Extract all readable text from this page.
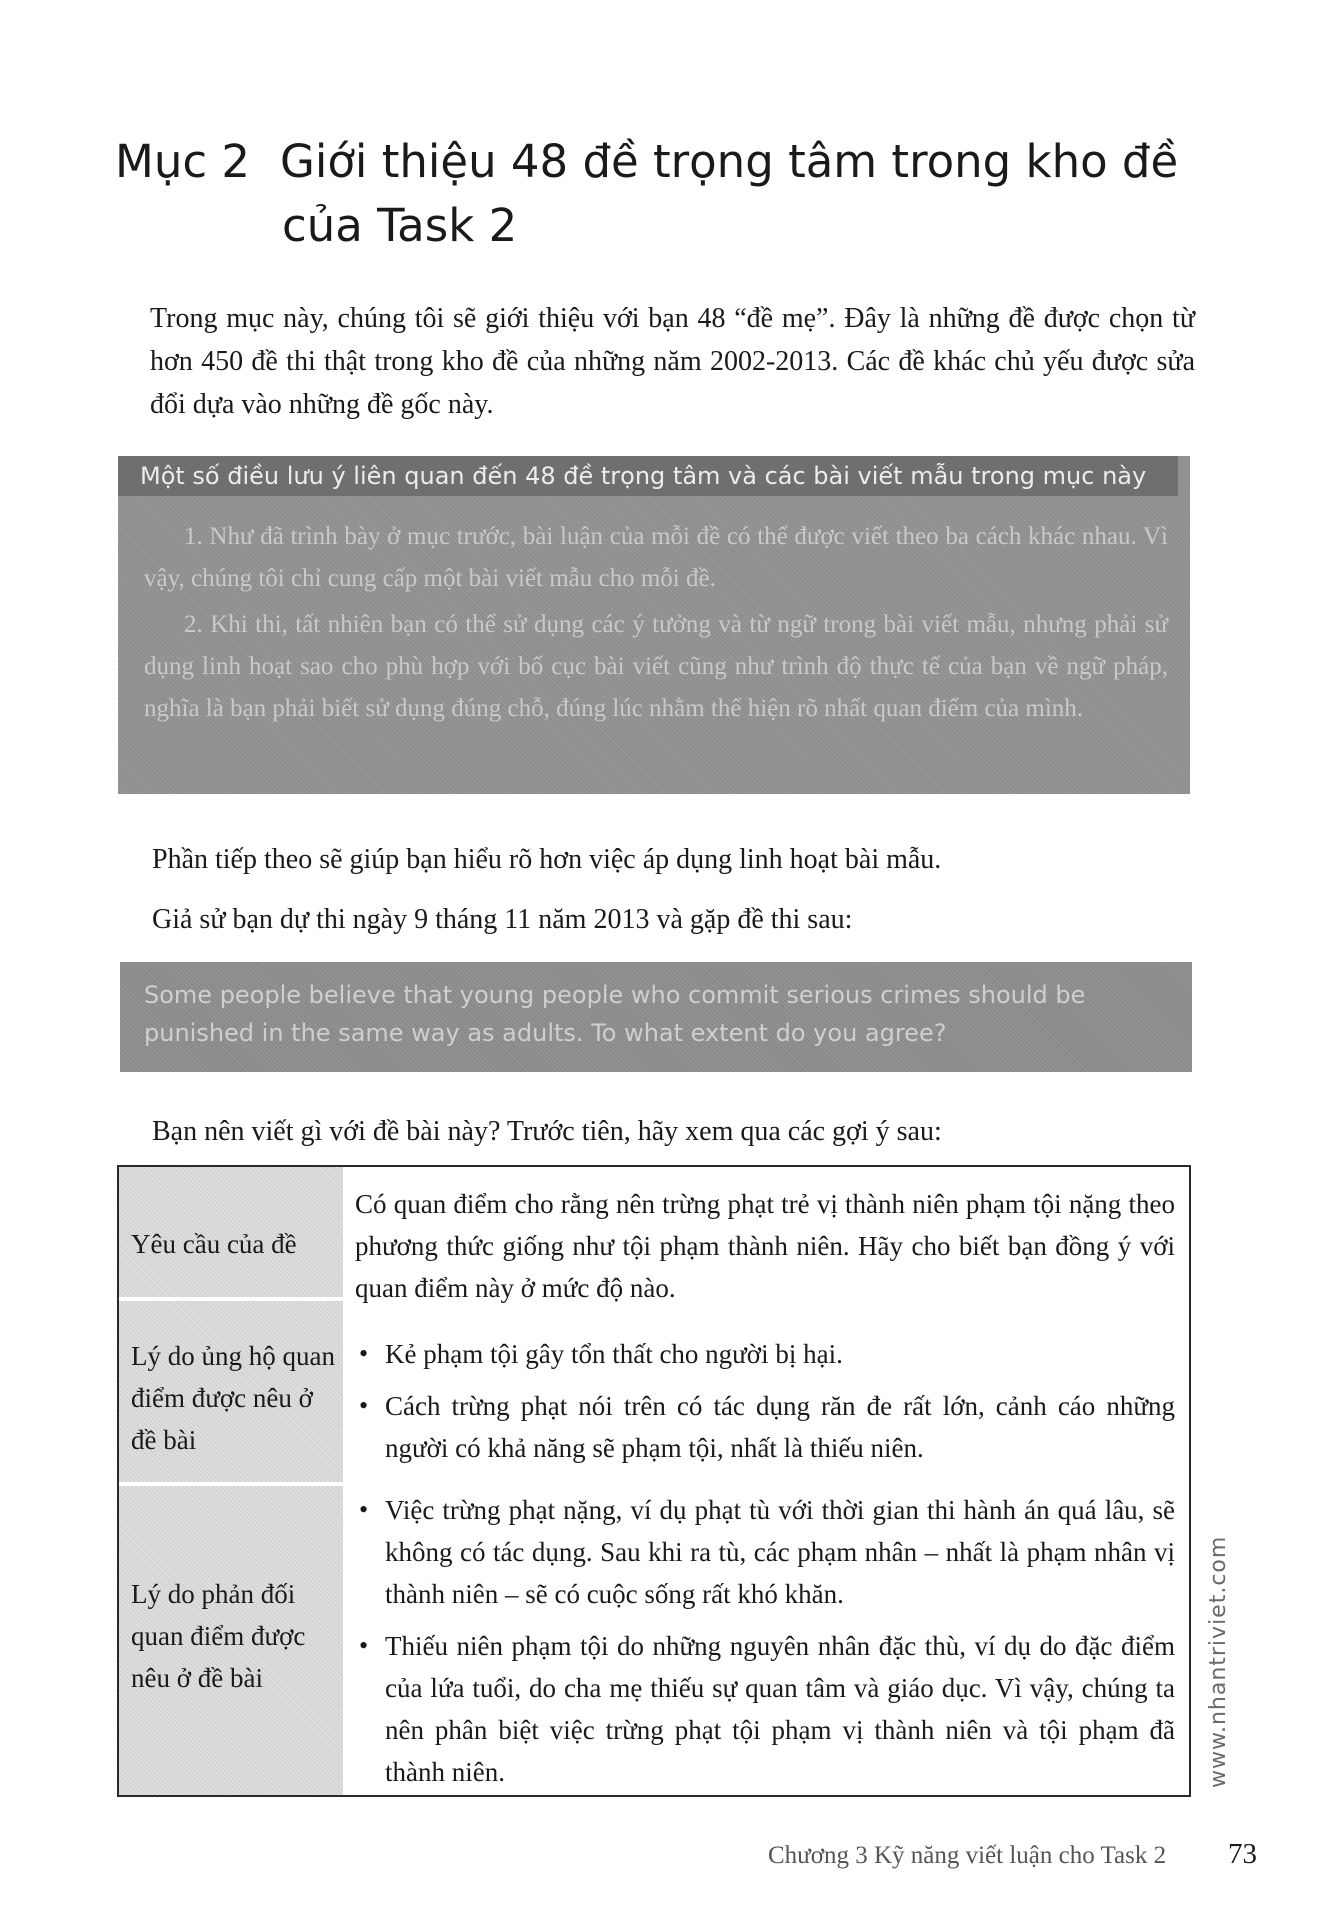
Mục 2 Giới thiệu 48 đề trọng tâm trong kho đề
của Task 2

Trong mục này, chúng tôi sẽ giới thiệu với bạn 48 “đề mẹ”. Đây là những đề được chọn từ hơn 450 đề thi thật trong kho đề của những năm 2002-2013. Các đề khác chủ yếu được sửa đổi dựa vào những đề gốc này.

Một số điều lưu ý liên quan đến 48 đề trọng tâm và các bài viết mẫu trong mục này

1. Như đã trình bày ở mục trước, bài luận của mỗi đề có thể được viết theo ba cách khác nhau. Vì vậy, chúng tôi chỉ cung cấp một bài viết mẫu cho mỗi đề.

2. Khi thi, tất nhiên bạn có thể sử dụng các ý tưởng và từ ngữ trong bài viết mẫu, nhưng phải sử dụng linh hoạt sao cho phù hợp với bố cục bài viết cũng như trình độ thực tế của bạn về ngữ pháp, nghĩa là bạn phải biết sử dụng đúng chỗ, đúng lúc nhằm thể hiện rõ nhất quan điểm của mình.

Phần tiếp theo sẽ giúp bạn hiểu rõ hơn việc áp dụng linh hoạt bài mẫu.

Giả sử bạn dự thi ngày 9 tháng 11 năm 2013 và gặp đề thi sau:

Some people believe that young people who commit serious crimes should be punished in the same way as adults. To what extent do you agree?

Bạn nên viết gì với đề bài này? Trước tiên, hãy xem qua các gợi ý sau:

Yêu cầu của đề
Có quan điểm cho rằng nên trừng phạt trẻ vị thành niên phạm tội nặng theo phương thức giống như tội phạm thành niên. Hãy cho biết bạn đồng ý với quan điểm này ở mức độ nào.
Lý do ủng hộ quan điểm được nêu ở đề bài
• Kẻ phạm tội gây tổn thất cho người bị hại.
• Cách trừng phạt nói trên có tác dụng răn đe rất lớn, cảnh cáo những người có khả năng sẽ phạm tội, nhất là thiếu niên.
Lý do phản đối quan điểm được nêu ở đề bài
• Việc trừng phạt nặng, ví dụ phạt tù với thời gian thi hành án quá lâu, sẽ không có tác dụng. Sau khi ra tù, các phạm nhân – nhất là phạm nhân vị thành niên – sẽ có cuộc sống rất khó khăn.
• Thiếu niên phạm tội do những nguyên nhân đặc thù, ví dụ do đặc điểm của lứa tuổi, do cha mẹ thiếu sự quan tâm và giáo dục. Vì vậy, chúng ta nên phân biệt việc trừng phạt tội phạm vị thành niên và tội phạm đã thành niên.	www.nhantriviet.com
Chương 3 Kỹ năng viết luận cho Task 2 73
